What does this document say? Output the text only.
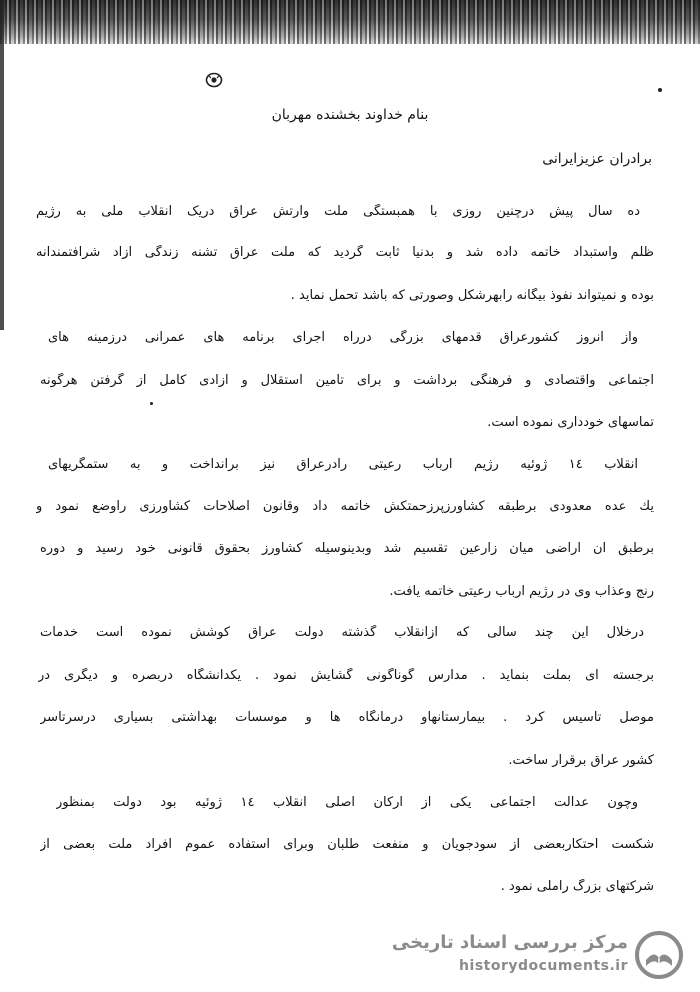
بنام خداوند بخشنده مهربان
برادران عزیزایرانی
ده سال پیش درچنین روزی با همبستگی ملت وارتش عراق دریک انقلاب ملی به رژیم
ظلم واستبداد خاتمه داده شد و بدنیا ثابت گردید که ملت عراق تشنه زندگی آزاد شرافتمندانه
بوده و نمیتواند نفوذ بیگانه رابهرشکل وصورتی که باشد تحمل نماید .
واز آنروز کشورعراق قدمهای بزرگی درراه اجرای برنامه های عمرانی درزمینه های
اجتماعی واقتصادی و فرهنگی برداشت و برای تامین استقلال و آزادی کامل از گرفتن هرگونه
تماسهای خودداری نموده است.
انقلاب ١٤ ژوئیه رژیم ارباب رعیتی رادرعراق نیز برانداخت و به ستمگریهای
یك عده معدودی برطبقه کشاورزپرزحمتکش خاتمه داد وقانون اصلاحات کشاورزی راوضع نمود و
برطبق آن اراضی میان زارعین تقسیم شد وبدینوسیله کشاورز بحقوق قانونی خود رسید و دوره
رنج وعذاب وی در رژیم ارباب رعیتی خاتمه یافت.
درخلال این چند سالی که ازانقلاب گذشته دولت عراق کوشش نموده است خدمات
برجسته ای بملت بنماید . مدارس گوناگونی گشایش نمود . یکدانشگاه دربصره و دیگری در
موصل تاسیس کرد . بیمارستانهاو درمانگاه ها و موسسات بهداشتی بسیاری درسرتاسر
کشور عراق برقرار ساخت.
وچون عدالت اجتماعی یکی از ارکان اصلی انقلاب ١٤ ژوئیه بود دولت بمنظور
شکست احتکاربعضی از سودجویان و منفعت طلبان وبرای استفاده عموم افراد ملت بعضی از
شرکتهای بزرگ راملی نمود .
مرکز بررسی اسناد تاریخی
historydocuments.ir
